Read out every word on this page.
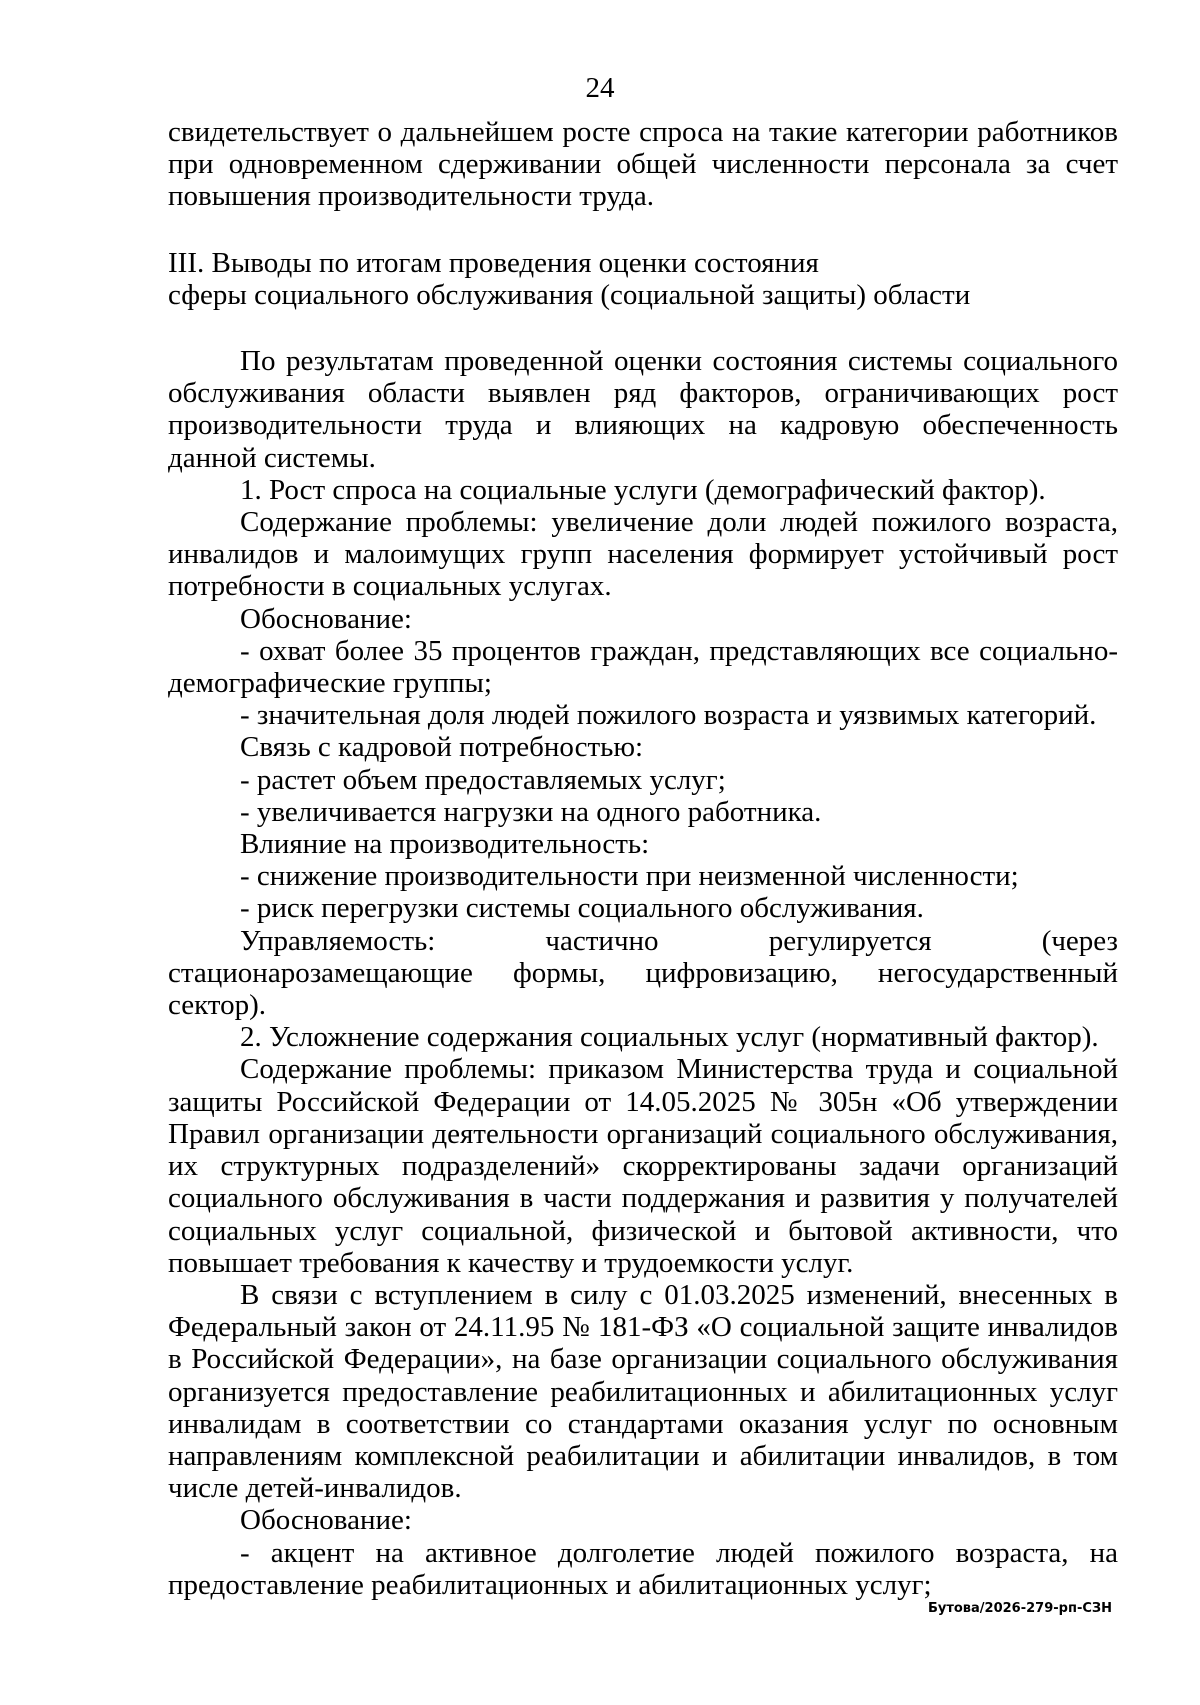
24

свидетельствует о дальнейшем росте спроса на такие категории работников при одновременном сдерживании общей численности персонала за счет повышения производительности труда.

III. Выводы по итогам проведения оценки состояния
сферы социального обслуживания (социальной защиты) области

По результатам проведенной оценки состояния системы социального обслуживания области выявлен ряд факторов, ограничивающих рост производительности труда и влияющих на кадровую обеспеченность данной системы.

1. Рост спроса на социальные услуги (демографический фактор).

Содержание проблемы: увеличение доли людей пожилого возраста, инвалидов и малоимущих групп населения формирует устойчивый рост потребности в социальных услугах.

Обоснование:

- охват более 35 процентов граждан, представляющих все социально-демографические группы;

- значительная доля людей пожилого возраста и уязвимых категорий.

Связь с кадровой потребностью:

- растет объем предоставляемых услуг;

- увеличивается нагрузки на одного работника.

Влияние на производительность:

- снижение производительности при неизменной численности;

- риск перегрузки системы социального обслуживания.

Управляемость: частично регулируется (через стационарозамещающие формы, цифровизацию, негосударственный сектор).

2. Усложнение содержания социальных услуг (нормативный фактор).

Содержание проблемы: приказом Министерства труда и социальной защиты Российской Федерации от 14.05.2025 № 305н «Об утверждении Правил организации деятельности организаций социального обслуживания, их структурных подразделений» скорректированы задачи организаций социального обслуживания в части поддержания и развития у получателей социальных услуг социальной, физической и бытовой активности, что повышает требования к качеству и трудоемкости услуг.

В связи с вступлением в силу с 01.03.2025 изменений, внесенных в Федеральный закон от 24.11.95 № 181-ФЗ «О социальной защите инвалидов в Российской Федерации», на базе организации социального обслуживания организуется предоставление реабилитационных и абилитационных услуг инвалидам в соответствии со стандартами оказания услуг по основным направлениям комплексной реабилитации и абилитации инвалидов, в том числе детей-инвалидов.

Обоснование:

- акцент на активное долголетие людей пожилого возраста, на предоставление реабилитационных и абилитационных услуг;

Бутова/2026-279-рп-СЗН
